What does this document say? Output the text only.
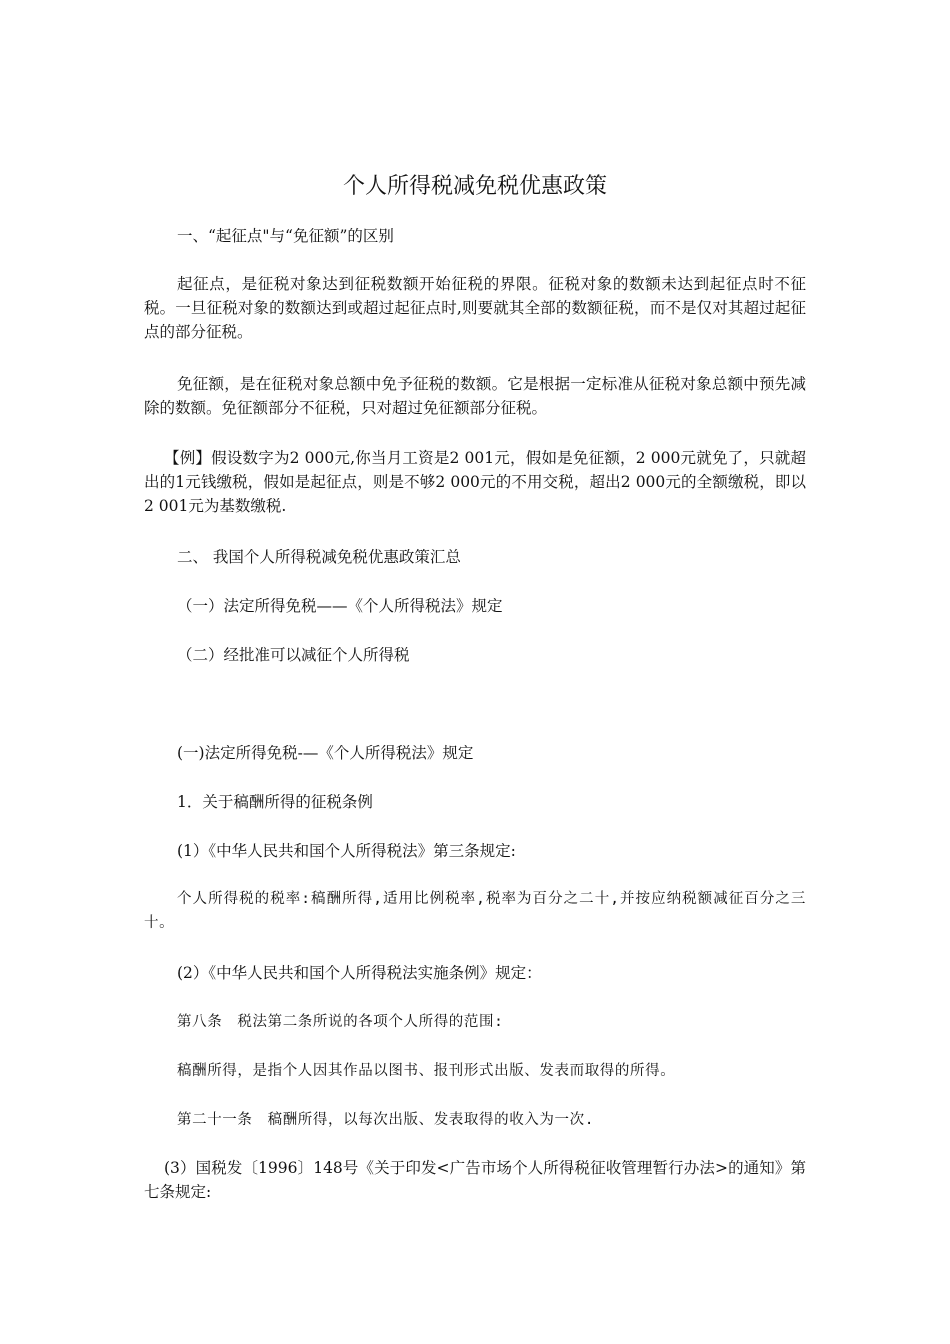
个人所得税减免税优惠政策
一、“起征点"与“免征额”的区别

起征点，是征税对象达到征税数额开始征税的界限。征税对象的数额未达到起征点时不征税。一旦征税对象的数额达到或超过起征点时,则要就其全部的数额征税，而不是仅对其超过起征点的部分征税。

免征额，是在征税对象总额中免予征税的数额。它是根据一定标准从征税对象总额中预先减除的数额。免征额部分不征税，只对超过免征额部分征税。

【例】假设数字为2 000元,你当月工资是2 001元，假如是免征额，2 000元就免了，只就超出的1元钱缴税，假如是起征点，则是不够2 000元的不用交税，超出2 000元的全额缴税，即以2 001元为基数缴税.

二、 我国个人所得税减免税优惠政策汇总
（一）法定所得免税——《个人所得税法》规定
（二）经批准可以减征个人所得税
(一)法定所得免税-—《个人所得税法》规定
1．关于稿酬所得的征税条例
(1）《中华人民共和国个人所得税法》第三条规定:

个人所得税的税率:稿酬所得,适用比例税率,税率为百分之二十,并按应纳税额减征百分之三十。

(2）《中华人民共和国个人所得税法实施条例》规定：
第八条　税法第二条所说的各项个人所得的范围:
稿酬所得，是指个人因其作品以图书、报刊形式出版、发表而取得的所得。
第二十一条　稿酬所得，以每次出版、发表取得的收入为一次.

(3）国税发〔1996〕148号《关于印发<广告市场个人所得税征收管理暂行办法>的通知》第七条规定:
